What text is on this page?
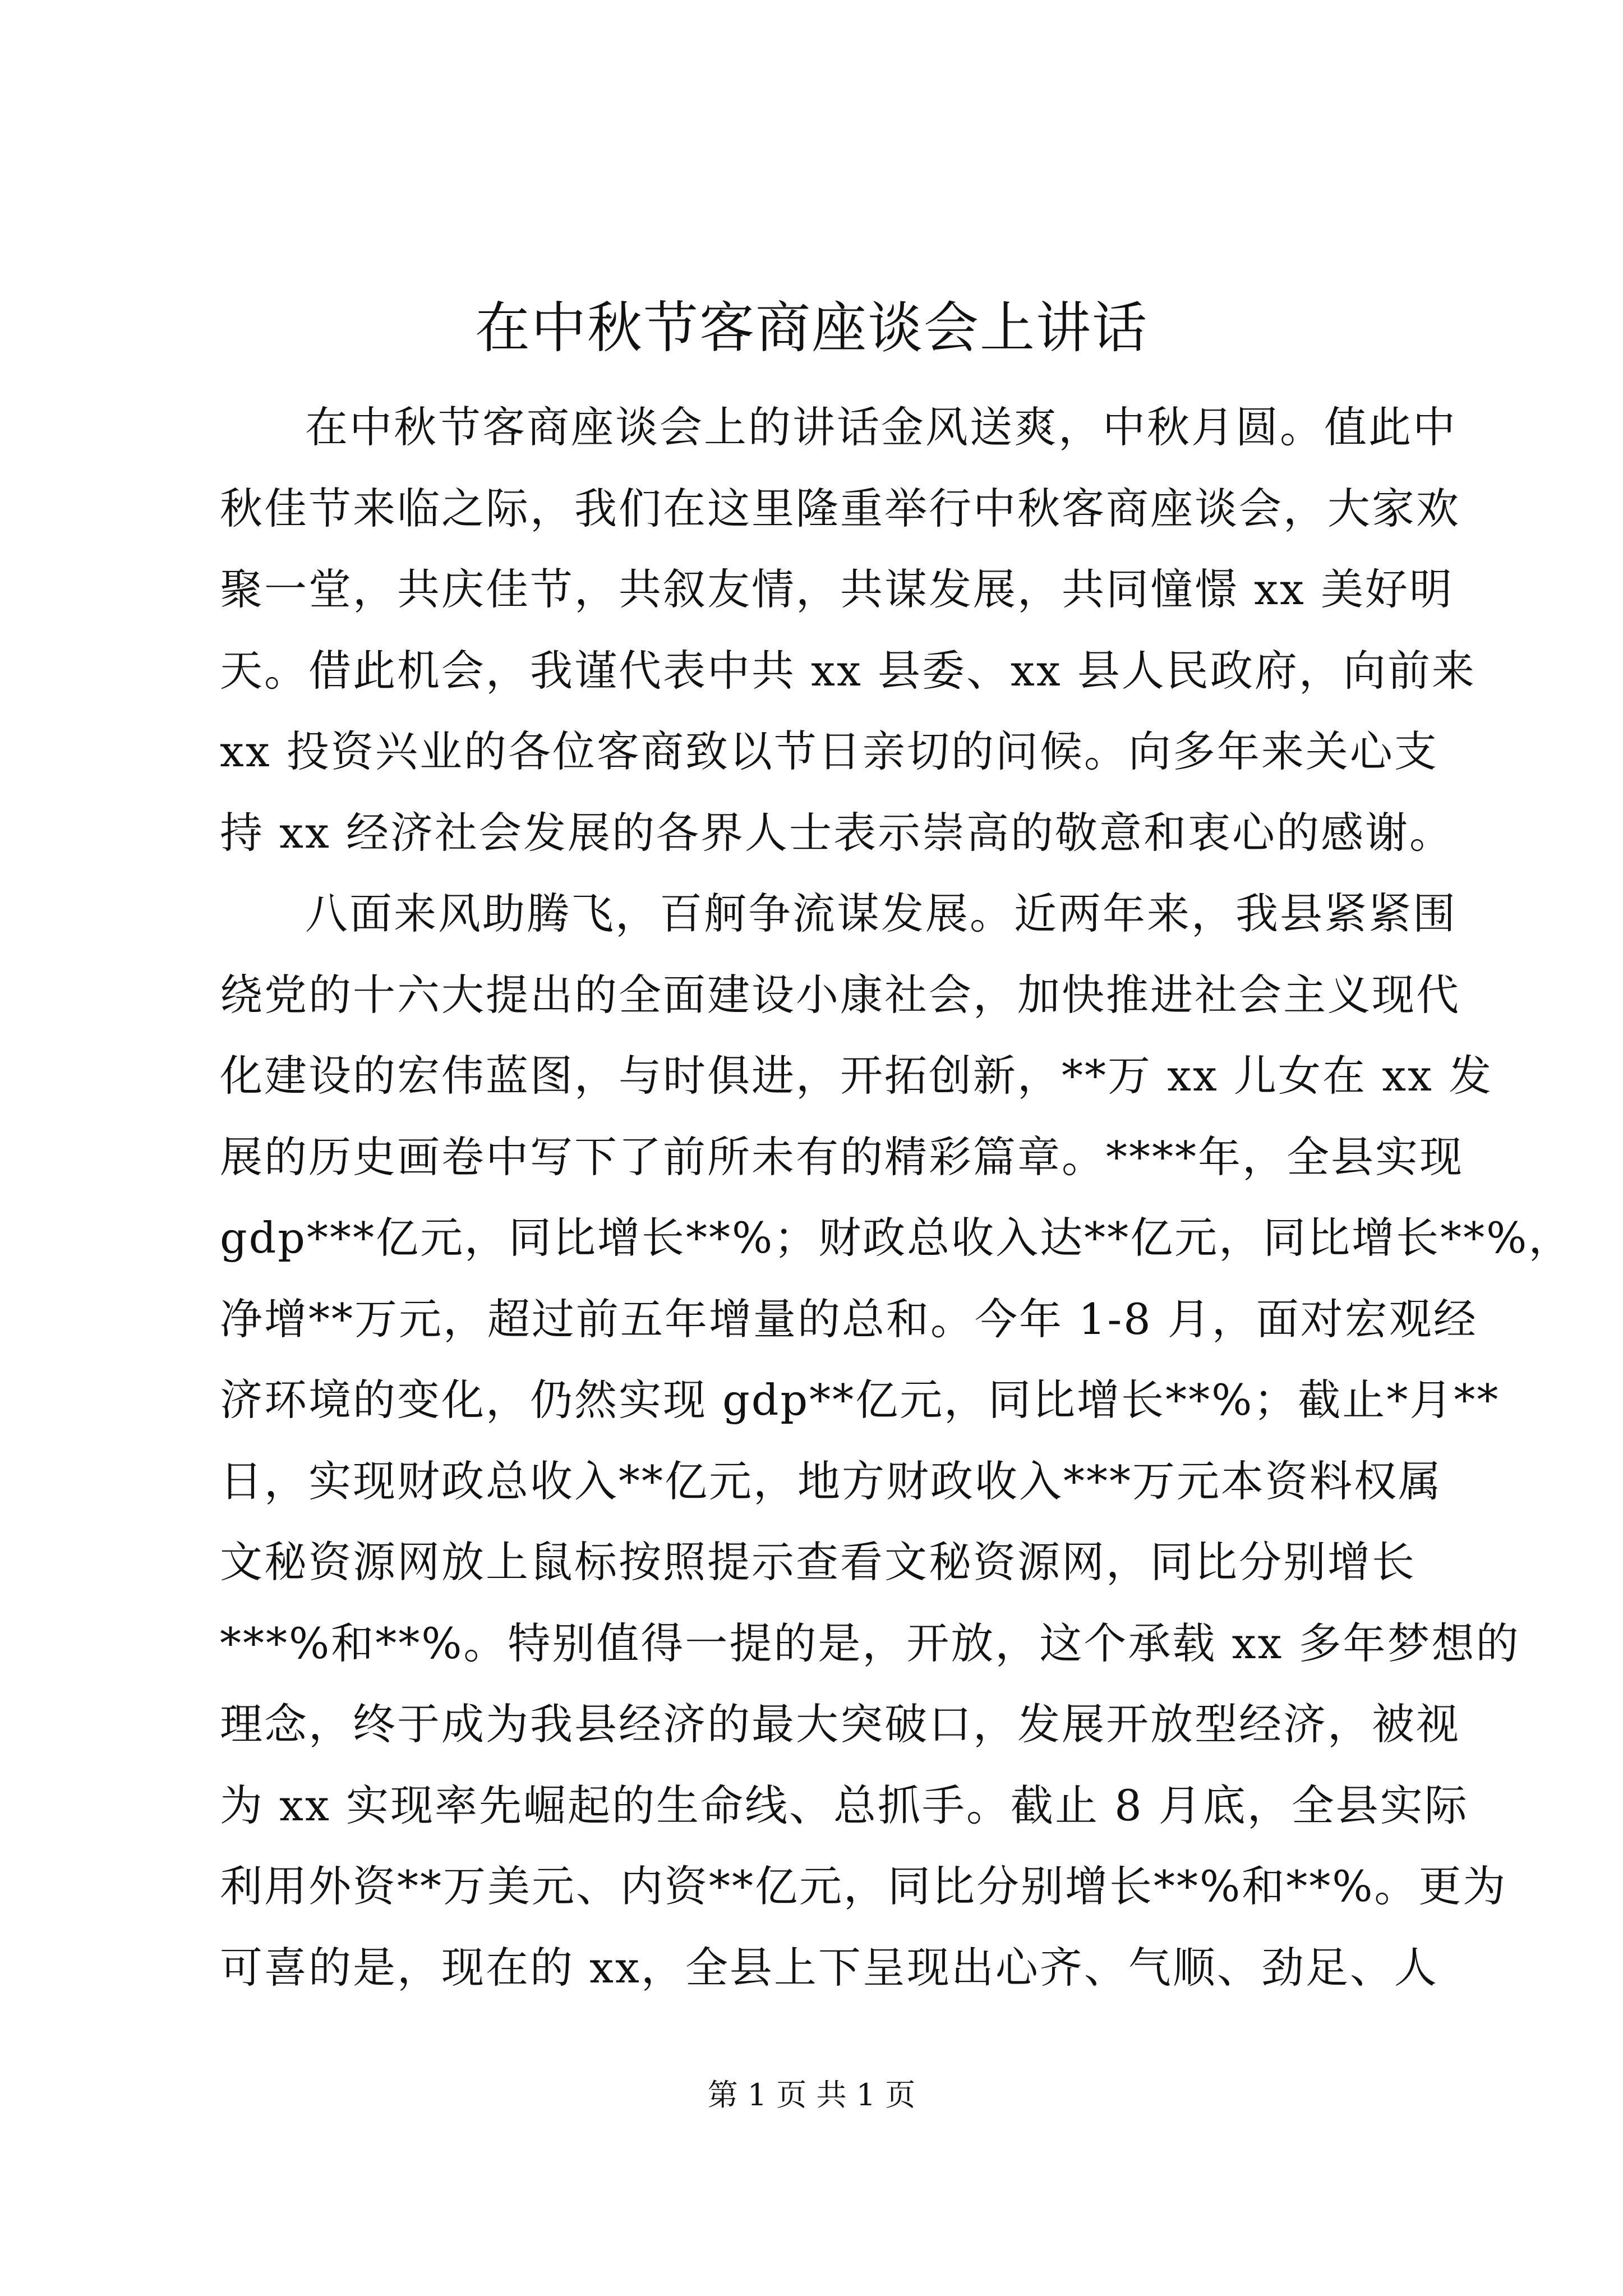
在中秋节客商座谈会上讲话

在中秋节客商座谈会上的讲话金风送爽，中秋月圆。值此中
秋佳节来临之际，我们在这里隆重举行中秋客商座谈会，大家欢
聚一堂，共庆佳节，共叙友情，共谋发展，共同憧憬 xx 美好明
天。借此机会，我谨代表中共 xx 县委、xx 县人民政府，向前来
xx 投资兴业的各位客商致以节日亲切的问候。向多年来关心支
持 xx 经济社会发展的各界人士表示崇高的敬意和衷心的感谢。

八面来风助腾飞，百舸争流谋发展。近两年来，我县紧紧围
绕党的十六大提出的全面建设小康社会，加快推进社会主义现代
化建设的宏伟蓝图，与时俱进，开拓创新，**万 xx 儿女在 xx 发
展的历史画卷中写下了前所未有的精彩篇章。****年，全县实现
gdp***亿元，同比增长**%；财政总收入达**亿元，同比增长**%，
净增**万元，超过前五年增量的总和。今年 1-8 月，面对宏观经
济环境的变化，仍然实现 gdp**亿元，同比增长**%；截止*月**
日，实现财政总收入**亿元，地方财政收入***万元本资料权属
文秘资源网放上鼠标按照提示查看文秘资源网，同比分别增长
***%和**%。特别值得一提的是，开放，这个承载 xx 多年梦想的
理念，终于成为我县经济的最大突破口，发展开放型经济，被视
为 xx 实现率先崛起的生命线、总抓手。截止 8 月底，全县实际
利用外资**万美元、内资**亿元，同比分别增长**%和**%。更为
可喜的是，现在的 xx，全县上下呈现出心齐、气顺、劲足、人

第 1 页 共 1 页
